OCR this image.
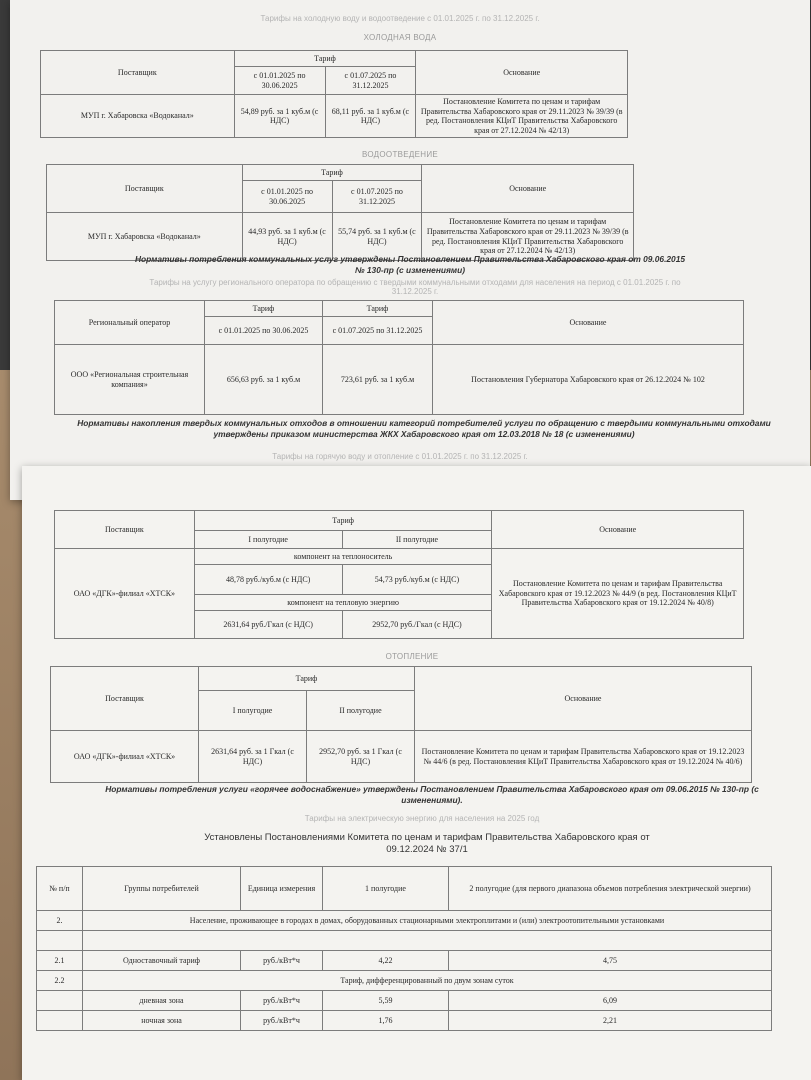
Тарифы на холодную воду и водоотведение с 01.01.2025 г. по 31.12.2025 г.
ХОЛОДНАЯ ВОДА
Поставщик	Тариф		Основание
	с 01.01.2025 по 30.06.2025	с 01.07.2025 по 31.12.2025	
МУП г. Хабаровска «Водоканал»	54,89 руб. за 1 куб.м (с НДС)	68,11 руб. за 1 куб.м (с НДС)	Постановление Комитета по ценам и тарифам Правительства Хабаровского края от 29.11.2023 № 39/39 (в ред. Постановления КЦиТ Правительства Хабаровского края от 27.12.2024 № 42/13)
ВОДООТВЕДЕНИЕ
Поставщик	Тариф		Основание
	с 01.01.2025 по 30.06.2025	с 01.07.2025 по 31.12.2025	
МУП г. Хабаровска «Водоканал»	44,93 руб. за 1 куб.м (с НДС)	55,74 руб. за 1 куб.м (с НДС)	Постановление Комитета по ценам и тарифам Правительства Хабаровского края от 29.11.2023 № 39/39 (в ред. Постановления КЦиТ Правительства Хабаровского края от 27.12.2024 № 42/13)
Нормативы потребления коммунальных услуг утверждены Постановлением Правительства Хабаровского края от 09.06.2015 № 130-пр (с изменениями)
Тарифы на услугу регионального оператора по обращению с твердыми коммунальными отходами для населения на период с 01.01.2025 г. по 31.12.2025 г.
Региональный оператор	Тариф	Тариф	Основание
	с 01.01.2025 по 30.06.2025	с 01.07.2025 по 31.12.2025	
ООО «Региональная строительная компания»	656,63 руб. за 1 куб.м	723,61 руб. за 1 куб.м	Постановления Губернатора Хабаровского края от 26.12.2024 № 102
Нормативы накопления твердых коммунальных отходов в отношении категорий потребителей услуги по обращению с твердыми коммунальными отходами утверждены приказом министерства ЖКХ Хабаровского края от 12.03.2018 № 18 (с изменениями)
Тарифы на горячую воду и отопление с 01.01.2025 г. по 31.12.2025 г.
Поставщик	Тариф		Основание
	I полугодие	II полугодие	
ОАО «ДГК»-филиал «ХТСК»	компонент на теплоноситель		Постановление Комитета по ценам и тарифам Правительства Хабаровского края от 19.12.2023 № 44/9 (в ред. Постановления КЦиТ Правительства Хабаровского края от 19.12.2024 № 40/8)
	48,78 руб./куб.м (с НДС)	54,73 руб./куб.м (с НДС)	
	компонент на тепловую энергию		
	2631,64 руб./Гкал (с НДС)	2952,70 руб./Гкал (с НДС)	
ОТОПЛЕНИЕ
Поставщик	Тариф		Основание
	I полугодие	II полугодие	
ОАО «ДГК»-филиал «ХТСК»	2631,64 руб. за 1 Гкал (с НДС)	2952,70 руб. за 1 Гкал (с НДС)	Постановление Комитета по ценам и тарифам Правительства Хабаровского края от 19.12.2023 № 44/6 (в ред. Постановления КЦиТ Правительства Хабаровского края от 19.12.2024 № 40/6)
Нормативы потребления услуги «горячее водоснабжение» утверждены Постановлением Правительства Хабаровского края от 09.06.2015 № 130-пр (с изменениями).
Тарифы на электрическую энергию для населения на 2025 год
Установлены Постановлениями Комитета по ценам и тарифам Правительства Хабаровского края от 09.12.2024 № 37/1
№ п/п	Группы потребителей	Единица измерения	1 полугодие	2 полугодие (для первого диапазона объемов потребления электрической энергии)
2.	Население, проживающее в городах в домах, оборудованных стационарными электроплитами и (или) электроотопительными установками			

2.1	Одноставочный тариф	руб./кВт*ч	4,22	4,75
2.2	Тариф, дифференцированный по двум зонам суток			
	дневная зона	руб./кВт*ч	5,59	6,09
	ночная зона	руб./кВт*ч	1,76	2,21
